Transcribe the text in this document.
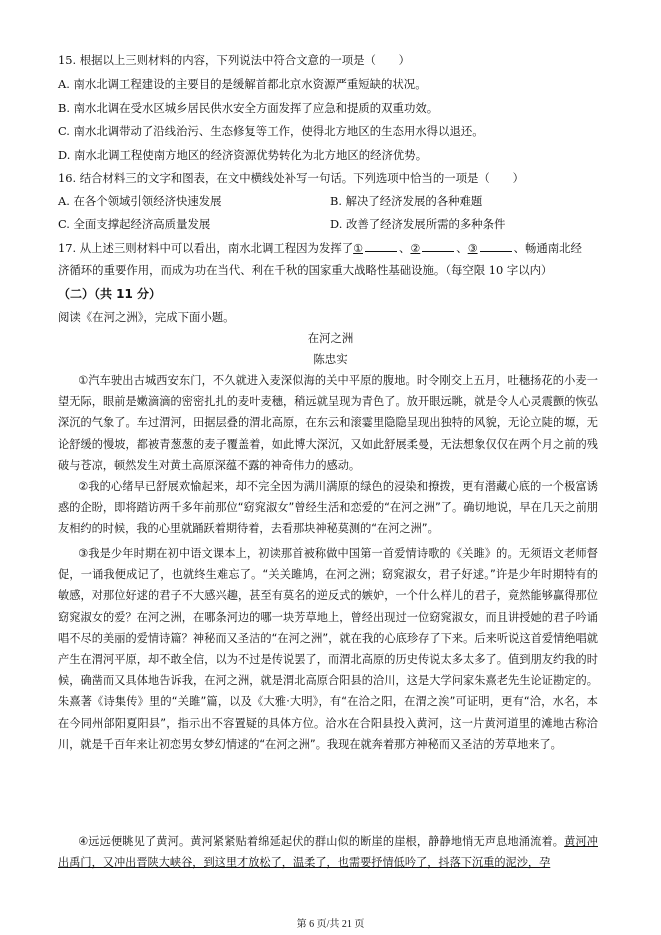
15. 根据以上三则材料的内容，下列说法中符合文意的一项是（　　）
A. 南水北调工程建设的主要目的是缓解首都北京水资源严重短缺的状况。
B. 南水北调在受水区城乡居民供水安全方面发挥了应急和提质的双重功效。
C. 南水北调带动了沿线治污、生态修复等工作，使得北方地区的生态用水得以退还。
D. 南水北调工程使南方地区的经济资源优势转化为北方地区的经济优势。
16. 结合材料三的文字和图表，在文中横线处补写一句话。下列选项中恰当的一项是（　　）
A. 在各个领域引领经济快速发展	B. 解决了经济发展的各种难题
C. 全面支撑起经济高质量发展	D. 改善了经济发展所需的多种条件
17. 从上述三则材料中可以看出，南水北调工程因为发挥了①	、②	、③	、畅通南北经
济循环的重要作用，而成为功在当代、利在千秋的国家重大战略性基础设施。（每空限 10 字以内）
（二）（共 11 分）
阅读《在河之洲》，完成下面小题。
在河之洲
陈忠实
①汽车驶出古城西安东门，不久就进入麦深似海的关中平原的腹地。时令刚交上五月，吐穗扬花的小麦一望无际，眼前是嫩滴滴的密密扎扎的麦叶麦穗，稍远就呈现为青色了。放开眼远眺，就是令人心灵震颤的恢弘深沉的气象了。车过渭河，田据层叠的渭北高原，在东云和滚霎里隐隐呈现出独特的风貌，无论立陡的塬，无论舒缓的慢坡，都被青葱葱的麦子覆盖着，如此博大深沉，又如此舒展柔曼，无法想象仅仅在两个月之前的残破与苍凉，顿然发生对黄土高原深蕴不露的神奇伟力的感动。
②我的心绪早已舒展欢愉起来，却不完全因为满川满原的绿色的浸染和撩拨，更有潜藏心底的一个极富诱惑的企盼，即将踏访两千多年前那位“窈窕淑女”曾经生活和恋爱的“在河之洲”了。确切地说，早在几天之前朋友相约的时候，我的心里就踊跃着期待着，去看那块神秘莫测的“在河之洲”。
③我是少年时期在初中语文课本上，初读那首被称做中国第一首爱情诗歌的《关雎》的。无须语文老师督促，一诵我便成记了，也就终生难忘了。“关关雎鸠，在河之洲；窈窕淑女，君子好逑。”许是少年时期特有的敏感，对那位好逑的君子不大感兴趣，甚至有莫名的逆反式的嫉妒，一个什么样儿的君子，竟然能够赢得那位窈窕淑女的爱？在河之洲，在哪条河边的哪一块芳草地上，曾经出现过一位窈窕淑女，而且讲授她的君子吟诵唱不尽的美丽的爱情诗篇？神秘而又圣洁的“在河之洲”，就在我的心底珍存了下来。后来听说这首爱情绝唱就产生在渭河平原，却不敢全信，以为不过是传说罢了，而渭北高原的历史传说太多太多了。值到朋友约我的时候，确凿而又具体地告诉我，在河之洲，就是渭北高原合阳县的洽川，这是大学问家朱熹老先生论证勘定的。朱熹著《诗集传》里的“关雎”篇，以及《大雅·大明》，有“在洽之阳，在渭之涘”可证明，更有“洽，水名，本在今同州郃阳夏阳县”，指示出不容置疑的具体方位。洽水在合阳县投入黄河，这一片黄河道里的滩地古称洽川，就是千百年来让初恋男女梦幻情逑的“在河之洲”。我现在就奔着那方神秘而又圣洁的芳草地来了。
④远远便眺见了黄河。黄河紧紧贴着绵延起伏的群山似的断崖的崖根，静静地悄无声息地涌流着。黄河冲出禹门，又冲出晋陕大峡谷，到这里才放松了，温柔了，也需要抒情低吟了，抖落下沉重的泥沙，孕
第 6 页/共 21 页
